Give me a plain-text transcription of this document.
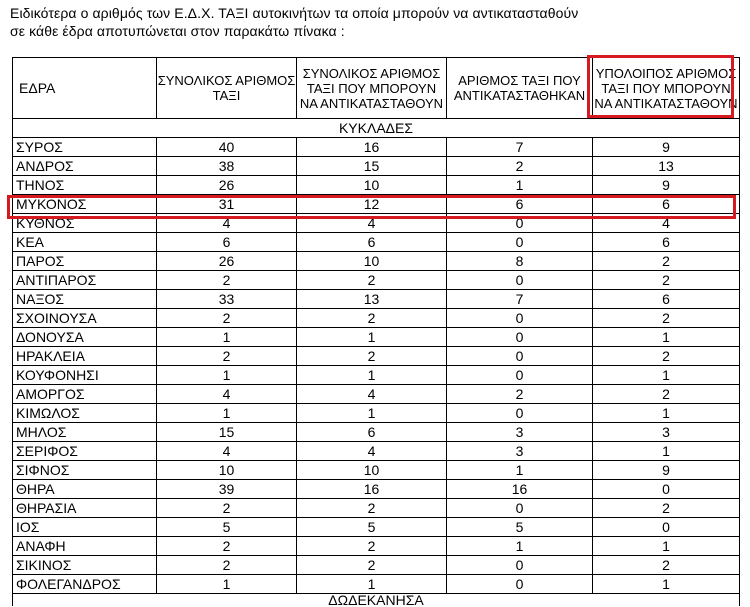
Ειδικότερα ο αριθμός των Ε.Δ.Χ. ΤΑΞΙ αυτοκινήτων τα οποία μπορούν να αντικατασταθούν
σε κάθε έδρα αποτυπώνεται στον παρακάτω πίνακα :
ΕΔΡΑ	ΣΥΝΟΛΙΚΟΣ ΑΡΙΘΜΟΣ ΤΑΞΙ	ΣΥΝΟΛΙΚΟΣ ΑΡΙΘΜΟΣ ΤΑΞΙ ΠΟΥ ΜΠΟΡΟΥΝ ΝΑ ΑΝΤΙΚΑΤΑΣΤΑΘΟΥΝ	ΑΡΙΘΜΟΣ ΤΑΞΙ ΠΟΥ ΑΝΤΙΚΑΤΑΣΤΑΘΗΚΑΝ	ΥΠΟΛΟΙΠΟΣ ΑΡΙΘΜΟΣ ΤΑΞΙ ΠΟΥ ΜΠΟΡΟΥΝ ΝΑ ΑΝΤΙΚΑΤΑΣΤΑΘΟΥΝ
ΚΥΚΛΑΔΕΣ				
ΣΥΡΟΣ	40	16	7	9
ΑΝΔΡΟΣ	38	15	2	13
ΤΗΝΟΣ	26	10	1	9
ΜΥΚΟΝΟΣ	31	12	6	6
ΚΥΘΝΟΣ	4	4	0	4
ΚΕΑ	6	6	0	6
ΠΑΡΟΣ	26	10	8	2
ΑΝΤΙΠΑΡΟΣ	2	2	0	2
ΝΑΞΟΣ	33	13	7	6
ΣΧΟΙΝΟΥΣΑ	2	2	0	2
ΔΟΝΟΥΣΑ	1	1	0	1
ΗΡΑΚΛΕΙΑ	2	2	0	2
ΚΟΥΦΟΝΗΣΙ	1	1	0	1
ΑΜΟΡΓΟΣ	4	4	2	2
ΚΙΜΩΛΟΣ	1	1	0	1
ΜΗΛΟΣ	15	6	3	3
ΣΕΡΙΦΟΣ	4	4	3	1
ΣΙΦΝΟΣ	10	10	1	9
ΘΗΡΑ	39	16	16	0
ΘΗΡΑΣΙΑ	2	2	0	2
ΙΟΣ	5	5	5	0
ΑΝΑΦΗ	2	2	1	1
ΣΙΚΙΝΟΣ	2	2	0	2
ΦΟΛΕΓΑΝΔΡΟΣ	1	1	0	1
ΔΩΔΕΚΑΝΗΣΑ				
